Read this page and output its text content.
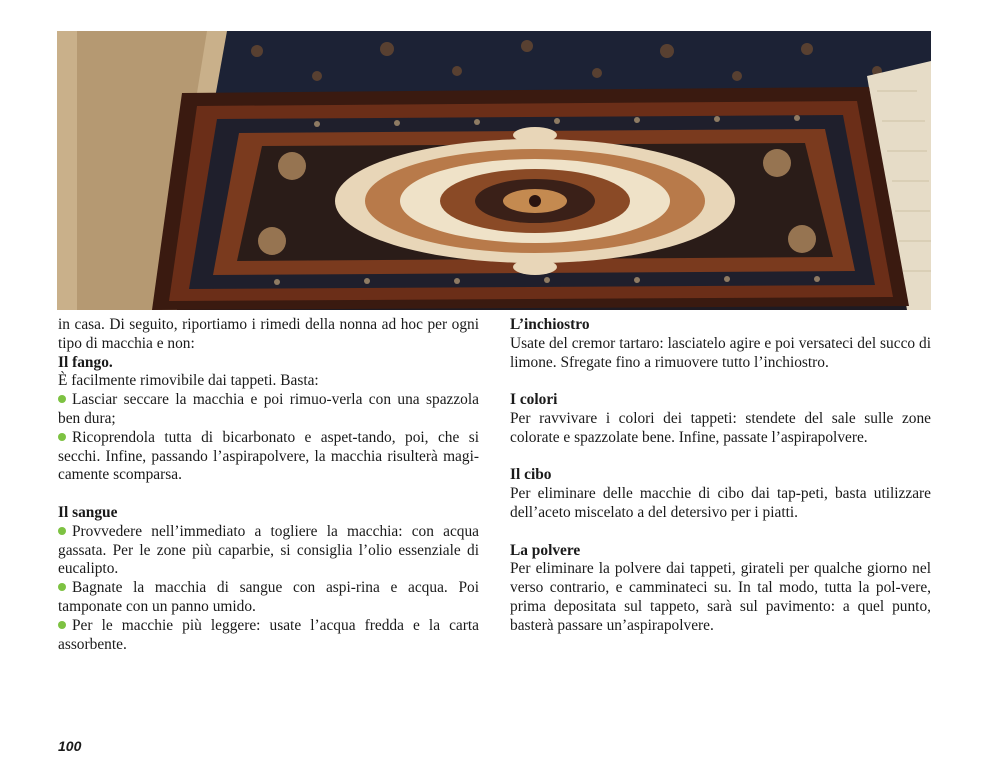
in casa. Di seguito, riportiamo i rimedi della nonna ad hoc per ogni tipo di macchia e non:

Il fango.

È facilmente rimovibile dai tappeti. Basta:

Lasciar seccare la macchia e poi rimuo-verla con una spazzola ben dura;

Ricoprendola tutta di bicarbonato e aspet-tando, poi, che si secchi. Infine, passando l’aspirapolvere, la macchia risulterà magi-camente scomparsa.

Il sangue

Provvedere nell’immediato a togliere la macchia: con acqua gassata. Per le zone più caparbie, si consiglia l’olio essenziale di eucalipto.

Bagnate la macchia di sangue con aspi-rina e acqua. Poi tamponate con un panno umido.

Per le macchie più leggere: usate l’acqua fredda e la carta assorbente.

L’inchiostro

Usate del cremor tartaro: lasciatelo agire e poi versateci del succo di limone. Sfregate fino a rimuovere tutto l’inchiostro.

I colori

Per ravvivare i colori dei tappeti: stendete del sale sulle zone colorate e spazzolate bene. Infine, passate l’aspirapolvere.

Il cibo

Per eliminare delle macchie di cibo dai tap-peti, basta utilizzare dell’aceto miscelato a del detersivo per i piatti.

La polvere

Per eliminare la polvere dai tappeti, girateli per qualche giorno nel verso contrario, e camminateci su. In tal modo, tutta la pol-vere, prima depositata sul tappeto, sarà sul pavimento: a quel punto, basterà passare un’aspirapolvere.

100
